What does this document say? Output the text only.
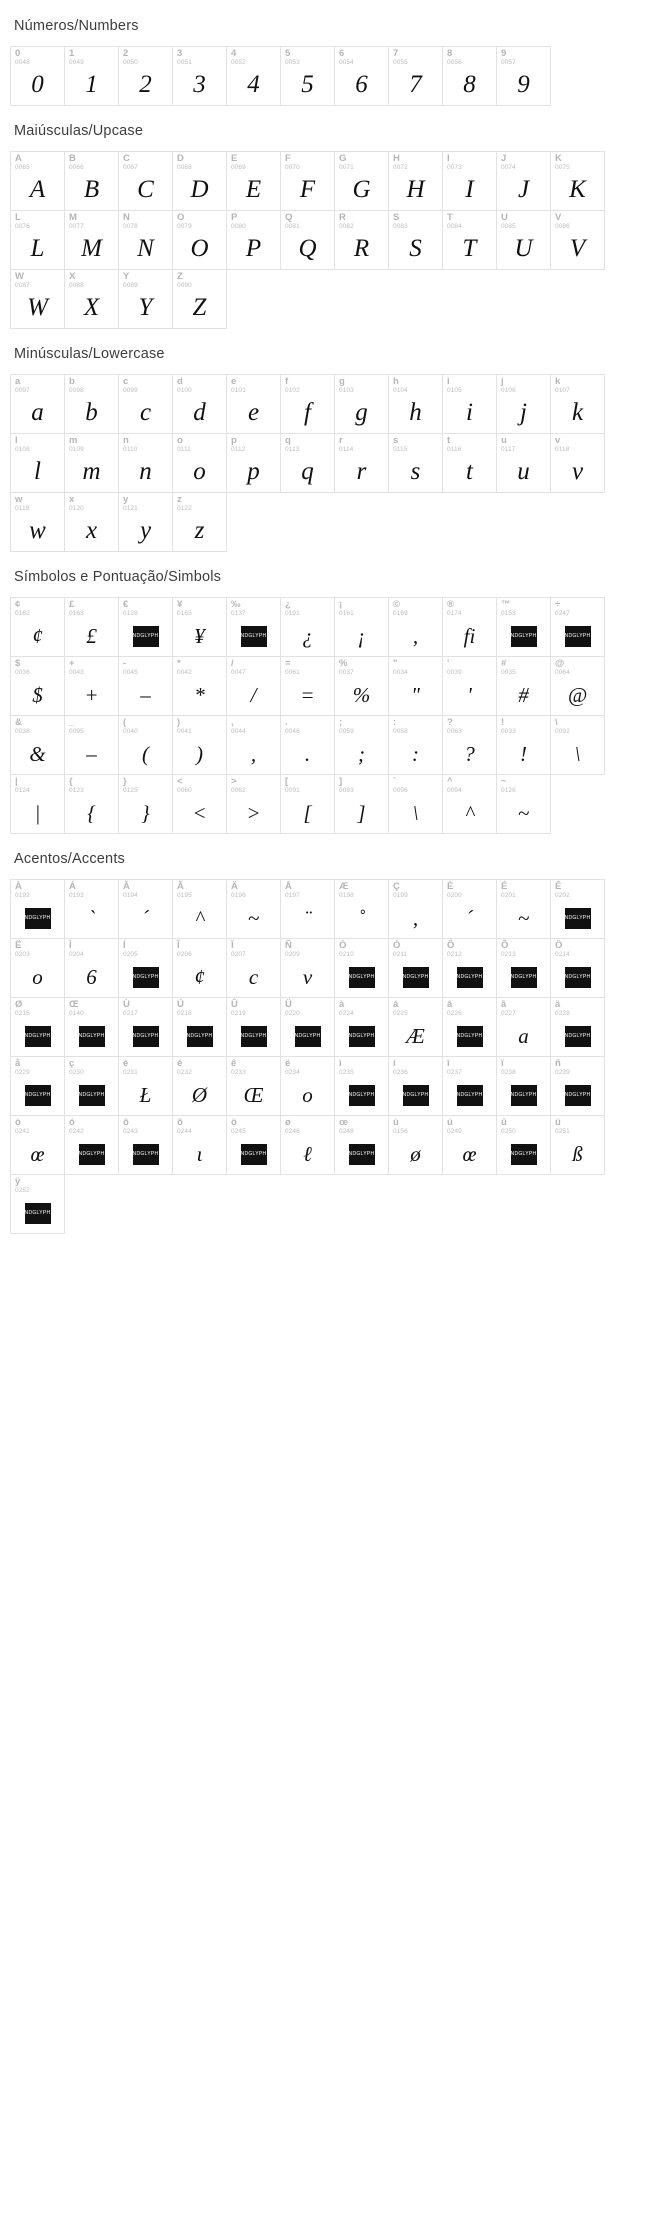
Números/Numbers
0
0048
0
1
0049
1
2
0050
2
3
0051
3
4
0052
4
5
0053
5
6
0054
6
7
0055
7
8
0056
8
9
0057
9
Maiúsculas/Upcase
A
0065
A
B
0066
B
C
0067
C
D
0068
D
E
0069
E
F
0070
F
G
0071
G
H
0072
H
I
0073
I
J
0074
J
K
0075
K
L
0076
L
M
0077
M
N
0078
N
O
0079
O
P
0080
P
Q
0081
Q
R
0082
R
S
0083
S
T
0084
T
U
0085
U
V
0086
V
W
0087
W
X
0088
X
Y
0089
Y
Z
0090
Z
Minúsculas/Lowercase
a
0097
a
b
0098
b
c
0099
c
d
0100
d
e
0101
e
f
0102
f
g
0103
g
h
0104
h
i
0105
i
j
0106
j
k
0107
k
l
0108
l
m
0109
m
n
0110
n
o
0111
o
p
0112
p
q
0113
q
r
0114
r
s
0115
s
t
0116
t
u
0117
u
v
0118
v
w
0119
w
x
0120
x
y
0121
y
z
0122
z
Símbolos e Pontuação/Simbols
¢
0162
¢
£
0163
£
€
0128
NDGLYPH
¥
0165
¥
‰
0137
NDGLYPH
¿
0191
¿
¡
0161
¡
©
0169
,
®
0174
fi
™
0153
NDGLYPH
÷
0247
NDGLYPH
$
0036
$
+
0043
+
-
0045
–
*
0042
*
/
0047
/
=
0061
=
%
0037
%
"
0034
"
'
0039
'
#
0035
#
@
0064
@
&
0038
&
_
0095
–
(
0040
(
)
0041
)
,
0044
,
.
0046
.
;
0059
;
:
0058
:
?
0063
?
!
0033
!
\
0092
\
|
0124
|
{
0123
{
}
0125
}
<
0060
<
>
0062
>
[
0091
[
]
0093
]
`
0096
\
^
0094
^
~
0126
~
Acentos/Accents
À
0192
NDGLYPH
Á
0193
`
Â
0194
´
Ã
0195
^
Ä
0196
~
Å
0197
¨
Æ
0198
˚
Ç
0199
,
È
0200
´
É
0201
~
Ê
0202
NDGLYPH
Ë
0203
o
Ì
0204
6
Í
0205
NDGLYPH
Î
0206
¢
Ï
0207
c
Ñ
0209
v
Ò
0210
NDGLYPH
Ó
0211
NDGLYPH
Ô
0212
NDGLYPH
Õ
0213
NDGLYPH
Ö
0214
NDGLYPH
Ø
0216
NDGLYPH
Œ
0140
NDGLYPH
Ù
0217
NDGLYPH
Ú
0218
NDGLYPH
Û
0219
NDGLYPH
Ü
0220
NDGLYPH
à
0224
NDGLYPH
á
0225
Æ
â
0226
NDGLYPH
ã
0227
a
ä
0228
NDGLYPH
å
0229
NDGLYPH
ç
0230
NDGLYPH
è
0231
Ł
é
0232
Ø
ê
0233
Œ
ë
0234
o
ì
0235
NDGLYPH
í
0236
NDGLYPH
î
0237
NDGLYPH
ï
0238
NDGLYPH
ñ
0239
NDGLYPH
ò
0241
œ
ó
0242
NDGLYPH
ô
0243
NDGLYPH
õ
0244
ι
ö
0245
NDGLYPH
ø
0246
ℓ
œ
0248
NDGLYPH
ù
0156
ø
ú
0249
œ
û
0250
NDGLYPH
ü
0251
ß
ÿ
0252
NDGLYPH
